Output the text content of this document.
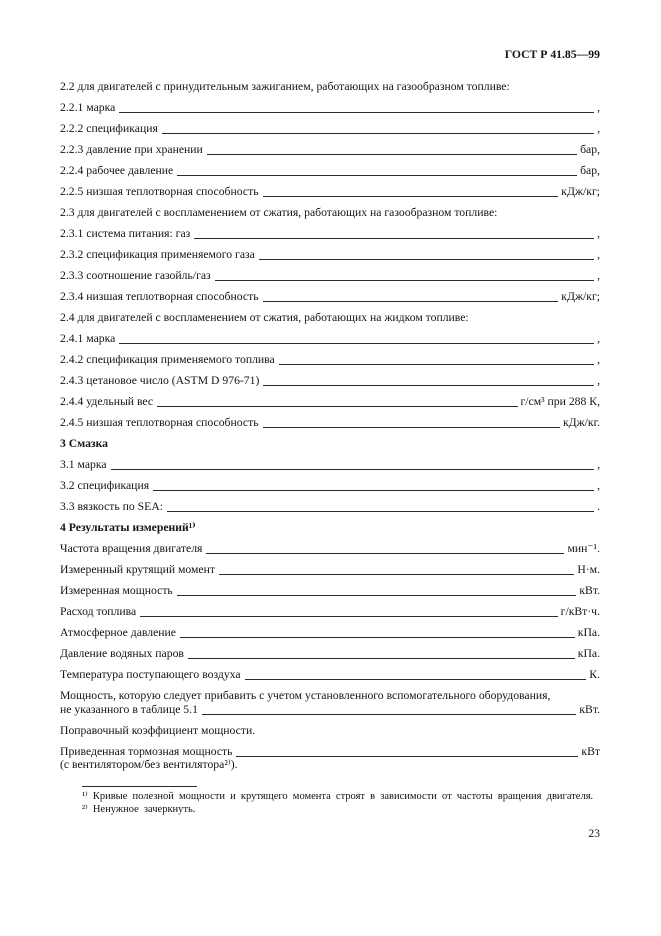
ГОСТ Р 41.85—99
2.2 для двигателей с принудительным зажиганием, работающих на газообразном топливе:
2.2.1 марка	,
2.2.2 спецификация	,
2.2.3 давление при хранении	бар,
2.2.4 рабочее давление	бар,
2.2.5 низшая теплотворная способность	кДж/кг;
2.3 для двигателей с воспламенением от сжатия, работающих на газообразном топливе:
2.3.1 система питания: газ	,
2.3.2 спецификация применяемого газа	,
2.3.3 соотношение газойль/газ	,
2.3.4 низшая теплотворная способность	кДж/кг;
2.4 для двигателей с воспламенением от сжатия, работающих на жидком топливе:
2.4.1 марка	,
2.4.2 спецификация применяемого топлива	,
2.4.3 цетановое число (ASTM D 976-71)	,
2.4.4 удельный вес	г/см³ при 288 К,
2.4.5 низшая теплотворная способность	кДж/кг.
3 Смазка
3.1 марка	,
3.2 спецификация	,
3.3 вязкость по SEA:	.
4 Результаты измерений¹⁾
Частота вращения двигателя	мин⁻¹.
Измеренный крутящий момент	Н·м.
Измеренная мощность	кВт.
Расход топлива	г/кВт·ч.
Атмосферное давление	кПа.
Давление водяных паров	кПа.
Температура поступающего воздуха	К.
Мощность, которую следует прибавить с учетом установленного вспомогательного оборудования,
не указанного в таблице 5.1	кВт.
Поправочный коэффициент мощности.
Приведенная тормозная мощность	кВт
(с вентилятором/без вентилятора²⁾).

¹⁾ Кривые полезной мощности и крутящего момента строят в зависимости от частоты вращения двигателя.

²⁾ Ненужное зачеркнуть.

23
